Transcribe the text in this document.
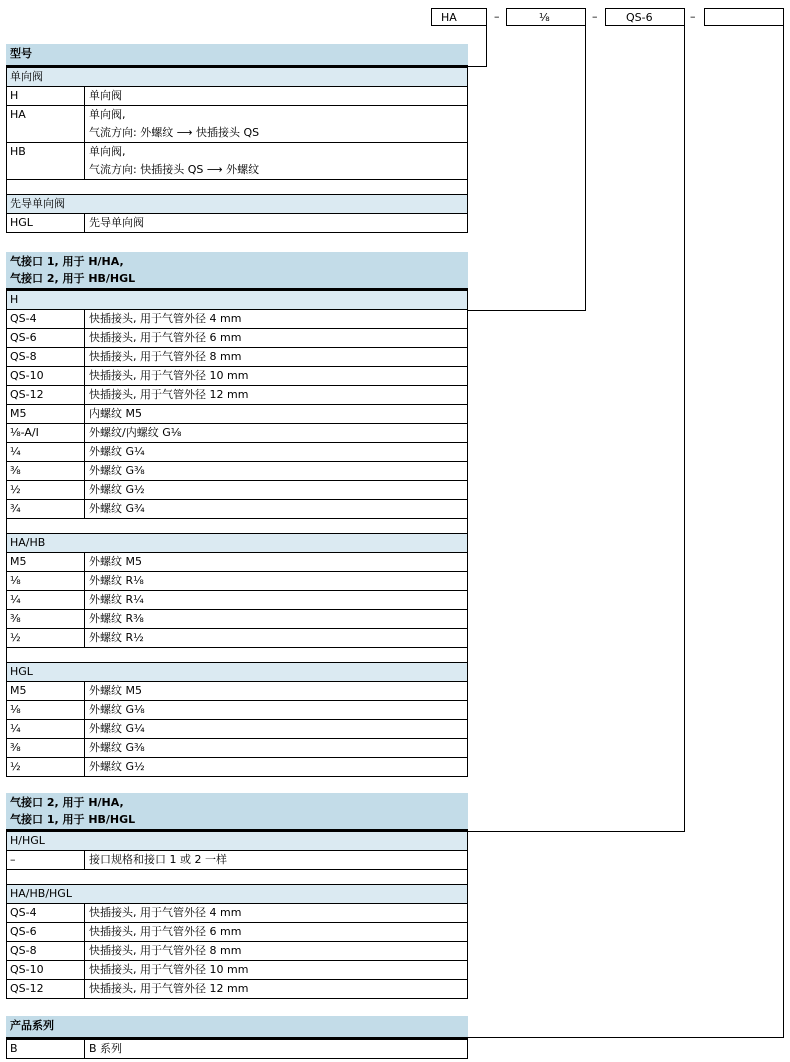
HA	–	⅛	–	QS-6	–
型号
单向阀
H	单向阀
HA	单向阀,
气流方向: 外螺纹 ⟶ 快插接头 QS
HB	单向阀,
气流方向: 快插接头 QS ⟶ 外螺纹
先导单向阀
HGL	先导单向阀
气接口 1, 用于 H/HA,
气接口 2, 用于 HB/HGL
H
QS-4	快插接头, 用于气管外径 4 mm
QS-6	快插接头, 用于气管外径 6 mm
QS-8	快插接头, 用于气管外径 8 mm
QS-10	快插接头, 用于气管外径 10 mm
QS-12	快插接头, 用于气管外径 12 mm
M5	内螺纹 M5
⅛-A/I	外螺纹/内螺纹 G⅛
¼	外螺纹 G¼
⅜	外螺纹 G⅜
½	外螺纹 G½
¾	外螺纹 G¾
HA/HB
M5	外螺纹 M5
⅛	外螺纹 R⅛
¼	外螺纹 R¼
⅜	外螺纹 R⅜
½	外螺纹 R½
HGL
M5	外螺纹 M5
⅛	外螺纹 G⅛
¼	外螺纹 G¼
⅜	外螺纹 G⅜
½	外螺纹 G½
气接口 2, 用于 H/HA,
气接口 1, 用于 HB/HGL
H/HGL
–	接口规格和接口 1 或 2 一样
HA/HB/HGL
QS-4	快插接头, 用于气管外径 4 mm
QS-6	快插接头, 用于气管外径 6 mm
QS-8	快插接头, 用于气管外径 8 mm
QS-10	快插接头, 用于气管外径 10 mm
QS-12	快插接头, 用于气管外径 12 mm
产品系列
B	B 系列
